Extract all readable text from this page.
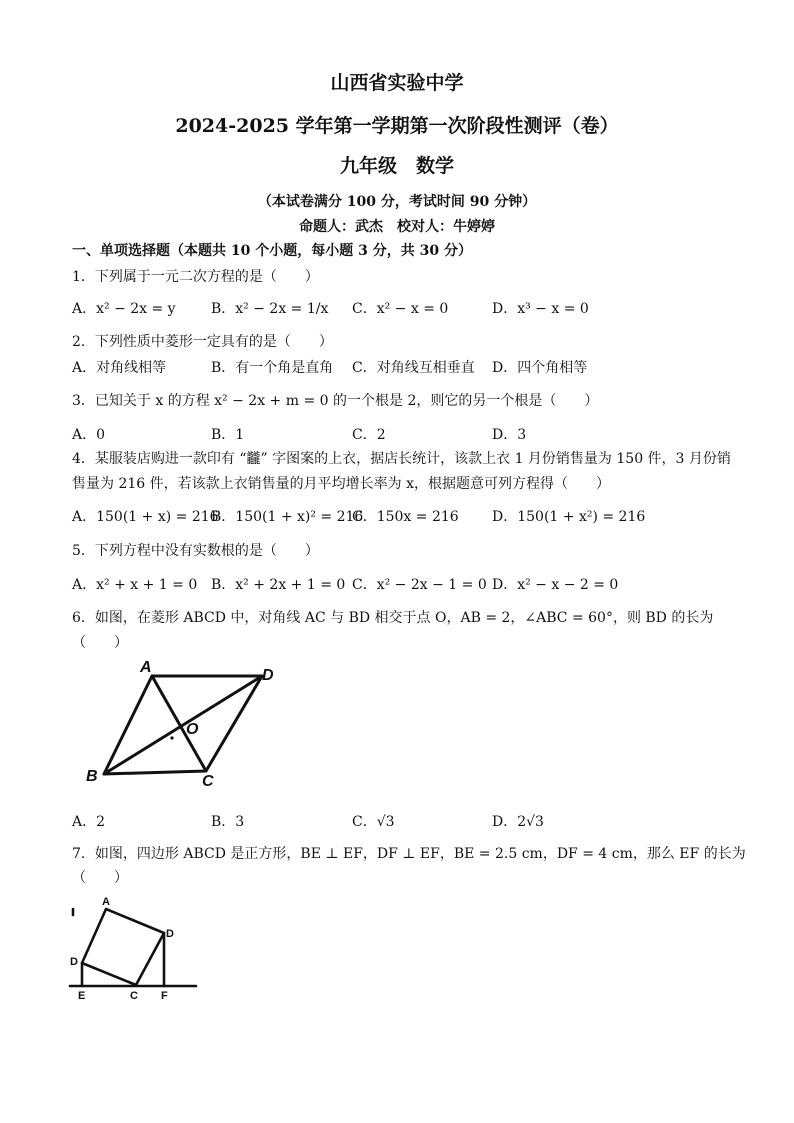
山西省实验中学
2024-2025 学年第一学期第一次阶段性测评（卷）
九年级　数学
（本试卷满分 100 分，考试时间 90 分钟）
命题人：武杰　校对人：牛婷婷
一、单项选择题（本题共 10 个小题，每小题 3 分，共 30 分）
1．下列属于一元二次方程的是（　　）
A．x² − 2x = y	B．x² − 2x = 1/x C．x² − x = 0	D．x³ − x = 0
2．下列性质中菱形一定具有的是（　　）
A．对角线相等	B．有一个角是直角 C．对角线互相垂直 D．四个角相等
3．已知关于 x 的方程 x² − 2x + m = 0 的一个根是 2，则它的另一个根是（　　）
A．0	B．1	C．2	D．3
4．某服装店购进一款印有 “龖” 字图案的上衣，据店长统计，该款上衣 1 月份销售量为 150 件，3 月份销
售量为 216 件，若该款上衣销售量的月平均增长率为 x，根据题意可列方程得（　　）
A．150(1 + x) = 216
B．150(1 + x)² = 216
C．150x = 216 D．150(1 + x²) = 216
5．下列方程中没有实数根的是（　　）
A．x² + x + 1 = 0 B．x² + 2x + 1 = 0 C．x² − 2x − 1 = 0 D．x² − x − 2 = 0
6．如图，在菱形 ABCD 中，对角线 AC 与 BD 相交于点 O，AB = 2，∠ABC = 60°，则 BD 的长为
（　　）
A	D
O
B	C
A．2	B．3	C．√3	D．2√3
7．如图，四边形 ABCD 是正方形，BE ⊥ EF，DF ⊥ EF，BE = 2.5 cm，DF = 4 cm，那么 EF 的长为
（　　）
A
D
D
E	C F
